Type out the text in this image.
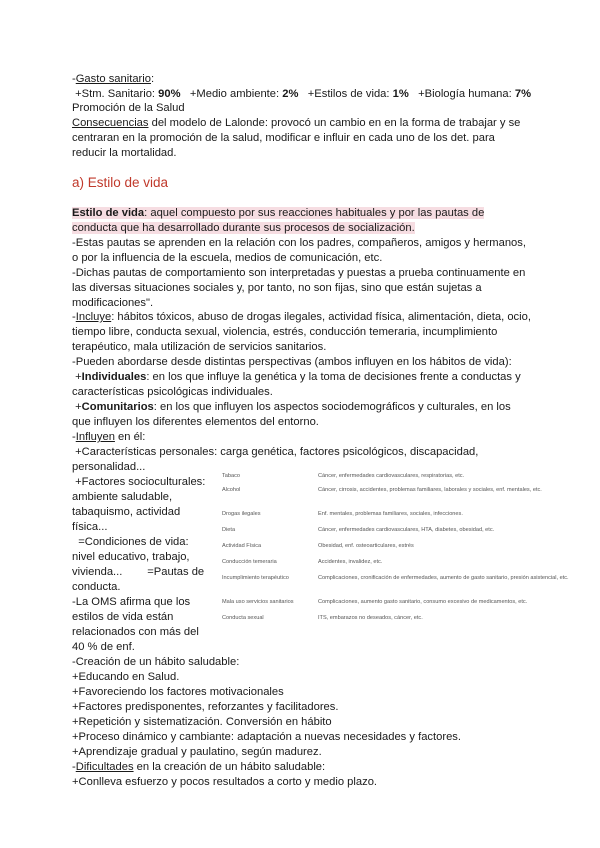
-Gasto sanitario:
+Stm. Sanitario: 90%   +Medio ambiente: 2%   +Estilos de vida: 1%   +Biología humana: 7%
Promoción de la Salud
Consecuencias del modelo de Lalonde: provocó un cambio en en la forma de trabajar y se
centraran en la promoción de la salud, modificar e influir en cada uno de los det. para
reducir la mortalidad.
a) Estilo de vida
Estilo de vida: aquel compuesto por sus reacciones habituales y por las pautas de
conducta que ha desarrollado durante sus procesos de socialización.
-Estas pautas se aprenden en la relación con los padres, compañeros, amigos y hermanos,
o por la influencia de la escuela, medios de comunicación, etc.
-Dichas pautas de comportamiento son interpretadas y puestas a prueba continuamente en
las diversas situaciones sociales y, por tanto, no son fijas, sino que están sujetas a
modificaciones".
-Incluye: hábitos tóxicos, abuso de drogas ilegales, actividad física, alimentación, dieta, ocio,
tiempo libre, conducta sexual, violencia, estrés, conducción temeraria, incumplimiento
terapéutico, mala utilización de servicios sanitarios.
-Pueden abordarse desde distintas perspectivas (ambos influyen en los hábitos de vida):
+Individuales: en los que influye la genética y la toma de decisiones frente a conductas y
características psicológicas individuales.
+Comunitarios: en los que influyen los aspectos sociodemográficos y culturales, en los
que influyen los diferentes elementos del entorno.
-Influyen en él:
+Características personales: carga genética, factores psicológicos, discapacidad,
personalidad...
+Factores socioculturales:
ambiente saludable,
tabaquismo, actividad
física...
=Condiciones de vida:
nivel educativo, trabajo,
vivienda...        =Pautas de
conducta.
-La OMS afirma que los
estilos de vida están
relacionados con más del
40 % de enf.
Tabaco	Cáncer, enfermedades cardiovasculares, respiratorias, etc.
Alcohol	Cáncer, cirrosis, accidentes, problemas familiares, laborales y sociales, enf. mentales, etc.
Drogas ilegales	Enf. mentales, problemas familiares, sociales, infecciones.
Dieta	Cáncer, enfermedades cardiovasculares, HTA, diabetes, obesidad, etc.
Actividad Física	Obesidad, enf. osteoarticulares, estrés
Conducción temeraria	Accidentes, invalidez, etc.
Incumplimiento terapéutico	Complicaciones, cronificación de enfermedades, aumento de gasto sanitario, presión asistencial, etc.
Mala uso servicios sanitarios	Complicaciones, aumento gasto sanitario, consumo excesivo de medicamentos, etc.
Conducta sexual	ITS, embarazos no deseados, cáncer, etc.
-Creación de un hábito saludable:
+Educando en Salud.
+Favoreciendo los factores motivacionales
+Factores predisponentes, reforzantes y facilitadores.
+Repetición y sistematización. Conversión en hábito
+Proceso dinámico y cambiante: adaptación a nuevas necesidades y factores.
+Aprendizaje gradual y paulatino, según madurez.
-Dificultades en la creación de un hábito saludable:
+Conlleva esfuerzo y pocos resultados a corto y medio plazo.
